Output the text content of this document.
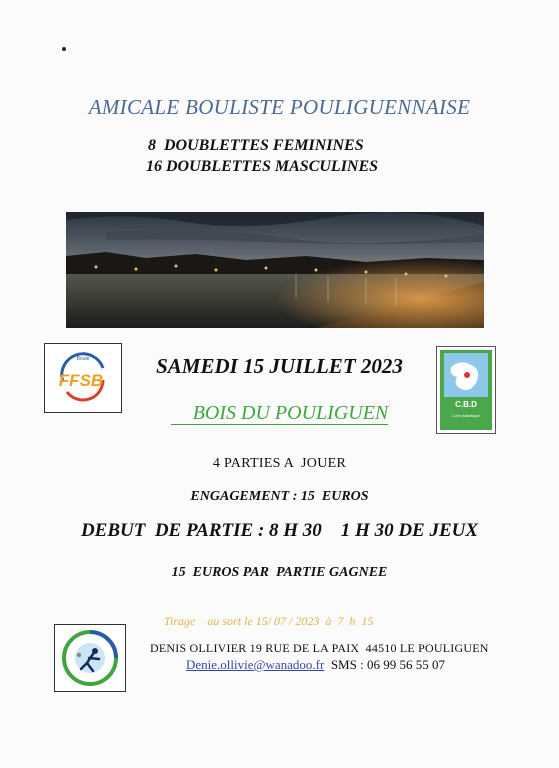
AMICALE BOULISTE POULIGUENNAISE
8  DOUBLETTES FEMININES
16 DOUBLETTES MASCULINES
Boule
FFSB
SAMEDI 15 JUILLET 2023
BOIS DU POULIGUEN	C.B.D
Loire Atlantique
4 PARTIES A  JOUER
ENGAGEMENT : 15  EUROS
DEBUT  DE PARTIE : 8 H 30    1 H 30 DE JEUX
15  EUROS PAR  PARTIE GAGNEE
Tirage    au sort le 15/ 07 / 2023  à  7  h  15
DENIS OLLIVIER 19 RUE DE LA PAIX  44510 LE POULIGUEN
Denie.ollivie@wanadoo.fr SMS : 06 99 56 55 07
